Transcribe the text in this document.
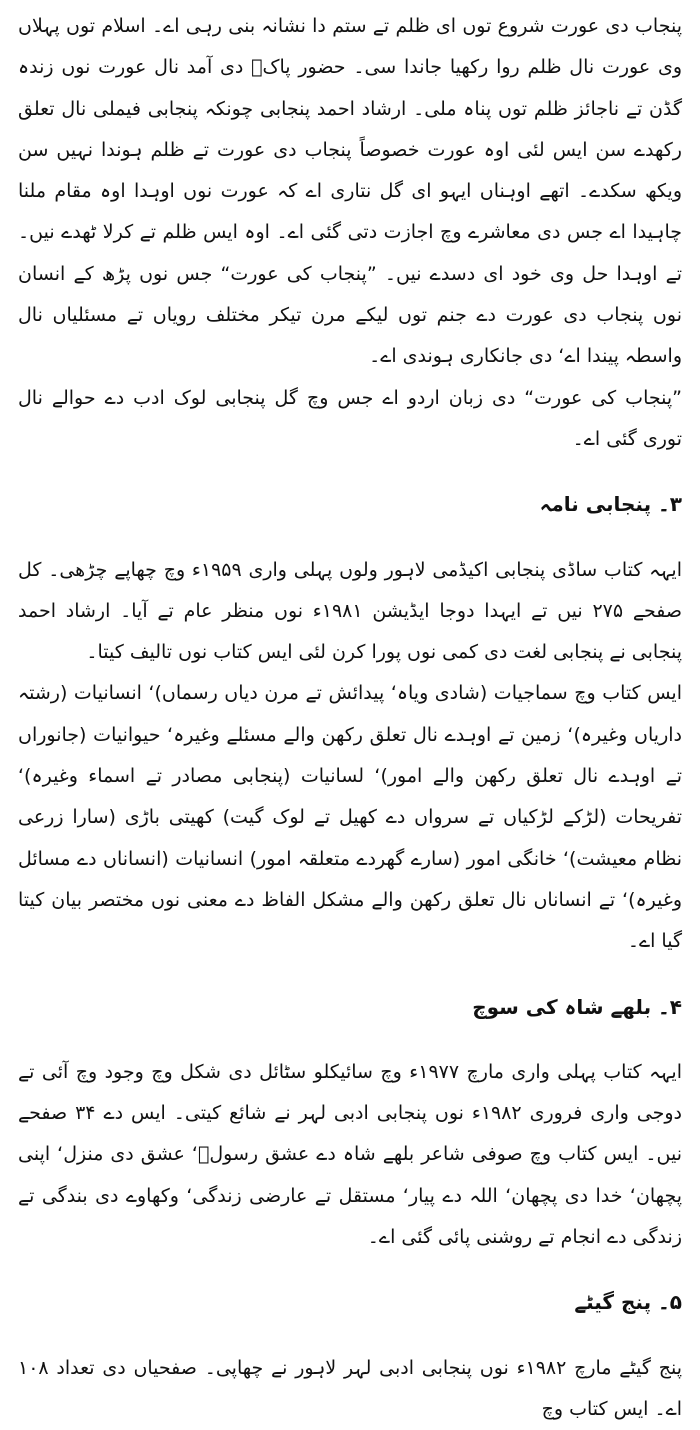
پنجاب دی عورت شروع توں ای ظلم تے ستم دا نشانہ بنی رہی اے۔ اسلام توں پہلاں وی عورت نال ظلم روا رکھیا جاندا سی۔ حضور پاکؐ دی آمد نال عورت نوں زندہ گڈن تے ناجائز ظلم توں پناہ ملی۔ ارشاد احمد پنجابی چونکہ پنجابی فیملی نال تعلق رکھدے سن ایس لئی اوہ عورت خصوصاً پنجاب دی عورت تے ظلم ہوندا نہیں سن ویکھ سکدے۔ اتھے اوہناں ایہو ای گل نتاری اے کہ عورت نوں اوہدا اوہ مقام ملنا چاہیدا اے جس دی معاشرے وچ اجازت دتی گئی اے۔ اوہ ایس ظلم تے کرلا ٹھدے نیں۔ تے اوہدا حل وی خود ای دسدے نیں۔ ”پنجاب کی عورت“ جس نوں پڑھ کے انسان نوں پنجاب دی عورت دے جنم توں لیکے مرن تیکر مختلف رویاں تے مسئلیاں نال واسطہ پیندا اے‘ دی جانکاری ہوندی اے۔

”پنجاب کی عورت“ دی زبان اردو اے جس وچ گل پنجابی لوک ادب دے حوالے نال توری گئی اے۔

۳۔ پنجابی نامہ

ایہہ کتاب ساڈی پنجابی اکیڈمی لاہور ولوں پہلی واری ۱۹۵۹ء وچ چھاپے چڑھی۔ کل صفحے ۲۷۵ نیں تے ایہدا دوجا ایڈیشن ۱۹۸۱ء نوں منظر عام تے آیا۔ ارشاد احمد پنجابی نے پنجابی لغت دی کمی نوں پورا کرن لئی ایس کتاب نوں تالیف کیتا۔

ایس کتاب وچ سماجیات (شادی ویاہ‘ پیدائش تے مرن دیاں رسماں)‘ انسانیات (رشتہ داریاں وغیرہ)‘ زمین تے اوہدے نال تعلق رکھن والے مسئلے وغیرہ‘ حیوانیات (جانوراں تے اوہدے نال تعلق رکھن والے امور)‘ لسانیات (پنجابی مصادر تے اسماء وغیرہ)‘ تفریحات (لڑکے لڑکیاں تے سرواں دے کھیل تے لوک گیت) کھیتی باڑی (سارا زرعی نظام معیشت)‘ خانگی امور (سارے گھردے متعلقہ امور) انسانیات (انساناں دے مسائل وغیرہ)‘ تے انساناں نال تعلق رکھن والے مشکل الفاظ دے معنی نوں مختصر بیان کیتا گیا اے۔

۴۔ بلھے شاہ کی سوچ

ایہہ کتاب پہلی واری مارچ ۱۹۷۷ء وچ سائیکلو سٹائل دی شکل وچ وجود وچ آئی تے دوجی واری فروری ۱۹۸۲ء نوں پنجابی ادبی لہر نے شائع کیتی۔ ایس دے ۳۴ صفحے نیں۔ ایس کتاب وچ صوفی شاعر بلھے شاہ دے عشق رسولؐ‘ عشق دی منزل‘ اپنی پچھان‘ خدا دی پچھان‘ اللہ دے پیار‘ مستقل تے عارضی زندگی‘ وکھاوے دی بندگی تے زندگی دے انجام تے روشنی پائی گئی اے۔

۵۔ پنج گیٹے

پنج گیٹے مارچ ۱۹۸۲ء نوں پنجابی ادبی لہر لاہور نے چھاپی۔ صفحیاں دی تعداد ۱۰۸ اے۔ ایس کتاب وچ
